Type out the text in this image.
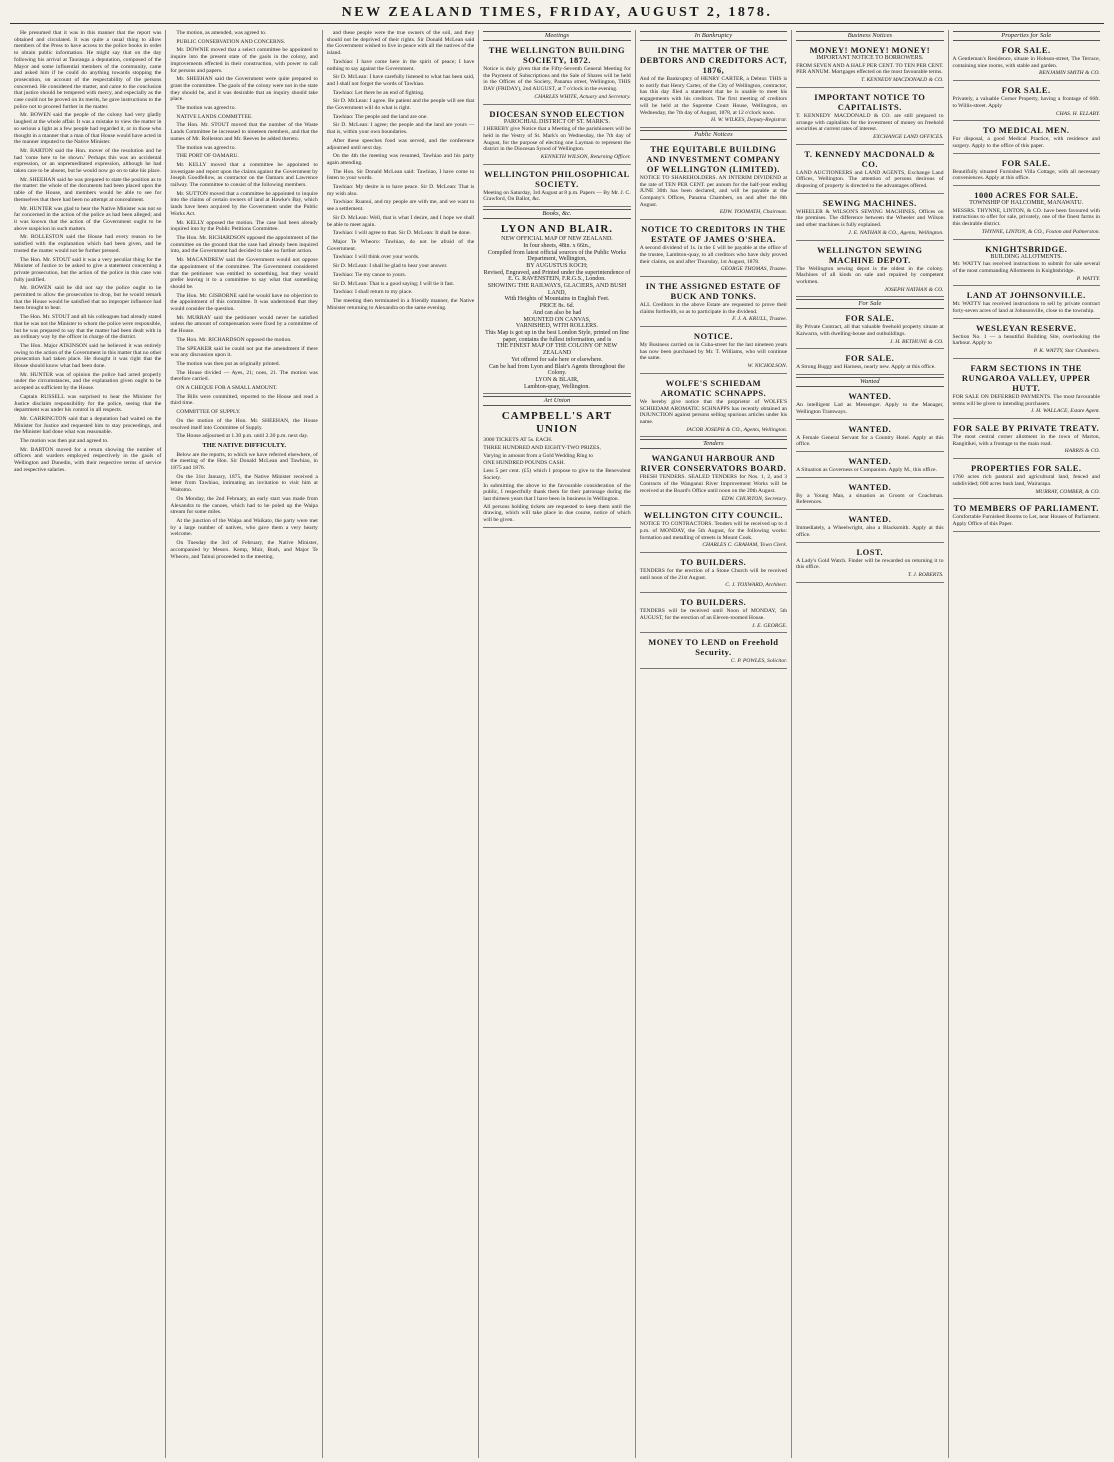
NEW ZEALAND TIMES, FRIDAY, AUGUST 2, 1878.

He presumed that it was in this manner that the report was obtained and circulated. It was quite a usual thing to allow members of the Press to have access to the police books in order to obtain public information. He might say that on the day following his arrival at Tauranga a deputation, composed of the Mayor and some influential members of the community, came and asked him if he could do anything towards stopping the prosecution, on account of the respectability of the persons concerned. He considered the matter, and came to the conclusion that justice should be tempered with mercy, and especially as the case could not be proved on its merits, he gave instructions to the police not to proceed further in the matter.

Mr. BOWEN said the people of the colony had very gladly laughed at the whole affair. It was a mistake to view the matter in so serious a light as a few people had regarded it, or in those who thought in a manner that a man of that House would have acted in the manner imputed to the Native Minister.

Mr. BARTON said the Hon. mover of the resolution and he had 'come here to be shown.' Perhaps this was an accidental expression, or an unpremeditated expression, although he had taken care to be absent, but he would now go on to take his place.

Mr. SHEEHAN said he was prepared to state the position as to the matter: the whole of the documents had been placed upon the table of the House, and members would be able to see for themselves that there had been no attempt at concealment.

Mr. HUNTER was glad to hear the Native Minister was not so far concerned in the action of the police as had been alleged; and it was known that the action of the Government ought to be above suspicion in such matters.

Mr. ROLLESTON said the House had every reason to be satisfied with the explanation which had been given, and he trusted the matter would not be further pressed.

The Hon. Mr. STOUT said it was a very peculiar thing for the Minister of Justice to be asked to give a statement concerning a private prosecution, but the action of the police in this case was fully justified.

Mr. BOWEN said he did not say the police ought to be permitted to allow the prosecution to drop, but he would remark that the House would be satisfied that no improper influence had been brought to bear.

The Hon. Mr. STOUT and all his colleagues had already stated that he was not the Minister to whom the police were responsible, but he was prepared to say that the matter had been dealt with in an ordinary way by the officer in charge of the district.

The Hon. Major ATKINSON said he believed it was entirely owing to the action of the Government in this matter that no other prosecution had taken place. He thought it was right that the House should know what had been done.

Mr. HUNTER was of opinion the police had acted properly under the circumstances, and the explanation given ought to be accepted as sufficient by the House.

Captain RUSSELL was surprised to hear the Minister for Justice disclaim responsibility for the police, seeing that the department was under his control in all respects.

Mr. CARRINGTON said that a deputation had waited on the Minister for Justice and requested him to stay proceedings, and the Minister had done what was reasonable.

The motion was then put and agreed to.

Mr. BARTON moved for a return showing the number of officers and warders employed respectively in the gaols of Wellington and Dunedin, with their respective terms of service and respective salaries.

The motion, as amended, was agreed to.

PUBLIC CONSERVATION AND CONCERNS.

Mr. DOWNIE moved that a select committee be appointed to inquire into the present state of the gaols in the colony, and improvements effected in their construction, with power to call for persons and papers.

Mr. SHEEHAN said the Government were quite prepared to grant the committee. The gaols of the colony were not in the state they should be, and it was desirable that an inquiry should take place.

The motion was agreed to.

NATIVE LANDS COMMITTEE.

The Hon. Mr. STOUT moved that the number of the Waste Lands Committee be increased to nineteen members, and that the names of Mr. Rolleston and Mr. Reeves be added thereto.

The motion was agreed to.

THE PORT OF OAMARU.

Mr. KELLY moved that a committee be appointed to investigate and report upon the claims against the Government by Joseph Goodfellow, as contractor on the Oamaru and Lawrence railway. The committee to consist of the following members.

Mr. SUTTON moved that a committee be appointed to inquire into the claims of certain owners of land at Hawke's Bay, which lands have been acquired by the Government under the Public Works Act.

Mr. KELLY opposed the motion. The case had been already inquired into by the Public Petitions Committee.

The Hon. Mr. RICHARDSON opposed the appointment of the committee on the ground that the case had already been inquired into, and the Government had decided to take no further action.

Mr. MACANDREW said the Government would not oppose the appointment of the committee. The Government considered that the petitioner was entitled to something, but they would prefer leaving it to a committee to say what that something should be.

The Hon. Mr. GISBORNE said he would have no objection to the appointment of this committee. It was understood that they would consider the question.

Mr. MURRAY said the petitioner would never be satisfied unless the amount of compensation were fixed by a committee of the House.

The Hon. Mr. RICHARDSON opposed the motion.

The SPEAKER said he could not put the amendment if there was any discussion upon it.

The motion was then put as originally printed.

The House divided — Ayes, 21; noes, 21. The motion was therefore carried.

ON A CHEQUE FOR A SMALL AMOUNT.

The Bills were committed, reported to the House and read a third time.

COMMITTEE OF SUPPLY.

On the motion of the Hon. Mr. SHEEHAN, the House resolved itself into Committee of Supply.

The House adjourned at 1.30 p.m. until 2.30 p.m. next day.

THE NATIVE DIFFICULTY.

Below are the reports, to which we have referred elsewhere, of the meeting of the Hon. Sir Donald McLean and Tawhiao, in 1875 and 1876.

On the 31st January, 1875, the Native Minister received a letter from Tawhiao, intimating an invitation to visit him at Waitomo.

On Monday, the 2nd February, an early start was made from Alexandra to the canoes, which had to be poled up the Waipa stream for some miles.

At the junction of the Waipa and Waikato, the party were met by a large number of natives, who gave them a very hearty welcome.

On Tuesday the 3rd of February, the Native Minister, accompanied by Messrs. Kemp, Mair, Bush, and Major Te Wheoro, and Tainui proceeded to the meeting.

and these people were the true owners of the soil, and they should not be deprived of their rights. Sir Donald McLean said the Government wished to live in peace with all the natives of the island.

Tawhiao: I have come here in the spirit of peace; I have nothing to say against the Government.

Sir D. McLean: I have carefully listened to what has been said, and I shall not forget the words of Tawhiao.

Tawhiao: Let there be an end of fighting.

Sir D. McLean: I agree. Be patient and the people will see that the Government will do what is right.

Tawhiao: The people and the land are one.

Sir D. McLean: I agree; the people and the land are yours — that is, within your own boundaries.

After these speeches food was served, and the conference adjourned until next day.

On the 4th the meeting was resumed, Tawhiao and his party again attending.

The Hon. Sir Donald McLean said: Tawhiao, I have come to listen to your words.

Tawhiao: My desire is to have peace. Sir D. McLean: That is my wish also.

Tawhiao: Ruanui, and my people are with me, and we want to see a settlement.

Sir D. McLean: Well, that is what I desire, and I hope we shall be able to meet again.

Tawhiao: I will agree to that. Sir D. McLean: It shall be done.

Major Te Wheoro: Tawhiao, do not be afraid of the Government.

Tawhiao: I will think over your words.

Sir D. McLean: I shall be glad to hear your answer.

Tawhiao: Tie my canoe to yours.

Sir D. McLean: That is a good saying; I will tie it fast.

Tawhiao: I shall return to my place.

The meeting then terminated in a friendly manner, the Native Minister returning to Alexandra on the same evening.

Meetings
THE WELLINGTON BUILDING SOCIETY, 1872.
Notice is duly given that the Fifty-Seventh General Meeting for the Payment of Subscriptions and the Sale of Shares will be held in the Offices of the Society, Panama street, Wellington, THIS DAY (FRIDAY), 2nd AUGUST, at 7 o'clock in the evening.
CHARLES WHITE, Actuary and Secretary.
DIOCESAN SYNOD ELECTION
PAROCHIAL DISTRICT OF ST. MARK'S.
I HEREBY give Notice that a Meeting of the parishioners will be held in the Vestry of St. Mark's on Wednesday, the 7th day of August, for the purpose of electing one Layman to represent the district in the Diocesan Synod of Wellington.
KENNETH WILSON, Returning Officer.
WELLINGTON PHILOSOPHICAL SOCIETY.
Meeting on Saturday, 3rd August at 8 p.m. Papers — By Mr. J. C. Crawford, On Ballot, &c.
Books, &c.
LYON AND BLAIR.
NEW OFFICIAL MAP OF NEW ZEALAND.
In four sheets, 48in. x 66in.,
Compiled from latest official sources of the Public Works Department, Wellington,
BY AUGUSTUS KOCH;
Revised, Engraved, and Printed under the superintendence of
E. G. RAVENSTEIN, F.R.G.S., London.
SHOWING THE RAILWAYS, GLACIERS, AND BUSH LAND,
With Heights of Mountains in English Feet.
PRICE 8s. 6d.
And can also be had
MOUNTED ON CANVAS,
VARNISHED, WITH ROLLERS.
This Map is got up in the best London Style, printed on fine paper, contains the fullest information, and is
THE FINEST MAP OF THE COLONY OF NEW ZEALAND
Yet offered for sale here or elsewhere.
Can be had from Lyon and Blair's Agents throughout the Colony.
LYON & BLAIR,
Lambton-quay, Wellington.
Art Union
CAMPBELL'S ART UNION
3000 TICKETS AT 5s. EACH.
THREE HUNDRED AND EIGHTY-TWO PRIZES,
Varying in amount from a Gold Wedding Ring to
ONE HUNDRED POUNDS CASH.
Less 5 per cent. (£5) which I propose to give to the Benevolent Society.
In submitting the above to the favourable consideration of the public, I respectfully thank them for their patronage during the last thirteen years that I have been in business in Wellington.
All persons holding tickets are requested to keep them until the drawing, which will take place in due course, notice of which will be given.
In Bankruptcy
IN THE MATTER OF THE DEBTORS AND CREDITORS ACT, 1876,
And of the Bankruptcy of HENRY CARTER, a Debtor. THIS is to notify that Henry Carter, of the City of Wellington, contractor, has this day filed a statement that he is unable to meet his engagements with his creditors. The first meeting of creditors will be held at the Supreme Court House, Wellington, on Wednesday, the 7th day of August, 1878, at 12 o'clock noon.
H. W. WILKES, Deputy-Registrar.
Public Notices
THE EQUITABLE BUILDING AND INVESTMENT COMPANY OF WELLINGTON (LIMITED).
NOTICE TO SHAREHOLDERS. AN INTERIM DIVIDEND at the rate of TEN PER CENT. per annum for the half-year ending JUNE 30th has been declared, and will be payable at the Company's Offices, Panama Chambers, on and after the 8th August.
EDW. TOOMATH, Chairman.
NOTICE TO CREDITORS IN THE ESTATE OF JAMES O'SHEA.
A second dividend of 1s. in the £ will be payable at the office of the trustee, Lambton-quay, to all creditors who have duly proved their claims, on and after Thursday, 1st August, 1878.
GEORGE THOMAS, Trustee.
IN THE ASSIGNED ESTATE OF BUCK AND TONKS.
ALL Creditors in the above Estate are requested to prove their claims forthwith, so as to participate in the dividend.
F. J. A. KRULL, Trustee.
NOTICE.
My Business carried on in Cuba-street for the last nineteen years has now been purchased by Mr. T. Williams, who will continue the same.
W. NICHOLSON.
WOLFE'S SCHIEDAM AROMATIC SCHNAPPS.
We hereby give notice that the proprietor of WOLFE'S SCHIEDAM AROMATIC SCHNAPPS has recently obtained an INJUNCTION against persons selling spurious articles under his name.
JACOB JOSEPH & CO., Agents, Wellington.
Tenders
WANGANUI HARBOUR AND RIVER CONSERVATORS BOARD.
FRESH TENDERS. SEALED TENDERS for Nos. 1, 2, and 3 Contracts of the Wanganui River Improvement Works will be received at the Board's Office until noon on the 20th August.
EDW. CHURTON, Secretary.
WELLINGTON CITY COUNCIL.
NOTICE TO CONTRACTORS. Tenders will be received up to 4 p.m. of MONDAY, the 5th August, for the following works: formation and metalling of streets in Mount Cook.
CHARLES C. GRAHAM, Town Clerk.
TO BUILDERS.
TENDERS for the erection of a Stone Church will be received until noon of the 21st August.
C. J. TOXWARD, Architect.
TO BUILDERS.
TENDERS will be received until Noon of MONDAY, 5th AUGUST, for the erection of an Eleven-roomed House.
J. E. GEORGE.
MONEY TO LEND on Freehold Security.
C. P. POWLES, Solicitor.
Business Notices
MONEY! MONEY! MONEY!
IMPORTANT NOTICE TO BORROWERS.
FROM SEVEN AND A HALF PER CENT. TO TEN PER CENT. PER ANNUM. Mortgages effected on the most favourable terms.
T. KENNEDY MACDONALD & CO.
IMPORTANT NOTICE TO CAPITALISTS.
T. KENNEDY MACDONALD & CO. are still prepared to arrange with capitalists for the investment of money on freehold securities at current rates of interest.
EXCHANGE LAND OFFICES.
T. KENNEDY MACDONALD & CO.
LAND AUCTIONEERS and LAND AGENTS, Exchange Land Offices, Wellington. The attention of persons desirous of disposing of property is directed to the advantages offered.
SEWING MACHINES.
WHEELER & WILSON'S SEWING MACHINES, Offices on the premises. The difference between the Wheeler and Wilson and other machines is fully explained.
J. E. NATHAN & CO., Agents, Wellington.
WELLINGTON SEWING MACHINE DEPOT.
The Wellington sewing depot is the oldest in the colony. Machines of all kinds on sale and repaired by competent workmen.
JOSEPH NATHAN & CO.
For Sale
FOR SALE.
By Private Contract, all that valuable freehold property situate at Kaiwarra, with dwelling-house and outbuildings.
J. H. BETHUNE & CO.
FOR SALE.
A Strong Buggy and Harness, nearly new. Apply at this office.
Wanted
WANTED.
An intelligent Lad as Messenger. Apply to the Manager, Wellington Tramways.
WANTED.
A Female General Servant for a Country Hotel. Apply at this office.
WANTED.
A Situation as Governess or Companion. Apply M., this office.
WANTED.
By a Young Man, a situation as Groom or Coachman. References.
WANTED.
Immediately, a Wheelwright, also a Blacksmith. Apply at this office.
LOST.
A Lady's Gold Watch. Finder will be rewarded on returning it to this office.
T. J. ROBERTS.
Properties for Sale
FOR SALE.
A Gentleman's Residence, situate in Hobson-street, The Terrace, containing nine rooms, with stable and garden.
BENJAMIN SMITH & CO.
FOR SALE.
Privately, a valuable Corner Property, having a frontage of 66ft. to Willis-street. Apply
CHAS. H. ELLABY.
TO MEDICAL MEN.
For disposal, a good Medical Practice, with residence and surgery. Apply to the office of this paper.
FOR SALE.
Beautifully situated Furnished Villa Cottage, with all necessary conveniences. Apply at this office.
1000 ACRES FOR SALE.
TOWNSHIP OF HALCOMBE, MANAWATU.
MESSRS. THYNNE, LINTON, & CO. have been favoured with instructions to offer for sale, privately, one of the finest farms in this desirable district.
THYNNE, LINTON, & CO., Foxton and Palmerston.
KNIGHTSBRIDGE.
BUILDING ALLOTMENTS.
Mr. WATTY has received instructions to submit for sale several of the most commanding Allotments in Knightsbridge.
P. WATTY.
LAND AT JOHNSONVILLE.
Mr. WATTY has received instructions to sell by private contract forty-seven acres of land at Johnsonville, close to the township.
WESLEYAN RESERVE.
Section No. 1 — a beautiful Building Site, overlooking the harbour. Apply to
P. K. WATTY, Star Chambers.
FARM SECTIONS IN THE RUNGAROA VALLEY, UPPER HUTT.
FOR SALE ON DEFERRED PAYMENTS. The most favourable terms will be given to intending purchasers.
J. H. WALLACE, Estate Agent.
FOR SALE BY PRIVATE TREATY.
The most central corner allotment in the town of Marton, Rangitikei, with a frontage to the main road.
HARRIS & CO.
PROPERTIES FOR SALE.
1760 acres rich pastoral and agricultural land, fenced and subdivided; 600 acres bush land, Wairarapa.
MURRAY, COMBER, & CO.
TO MEMBERS OF PARLIAMENT.
Comfortable Furnished Rooms to Let, near Houses of Parliament. Apply Office of this Paper.
